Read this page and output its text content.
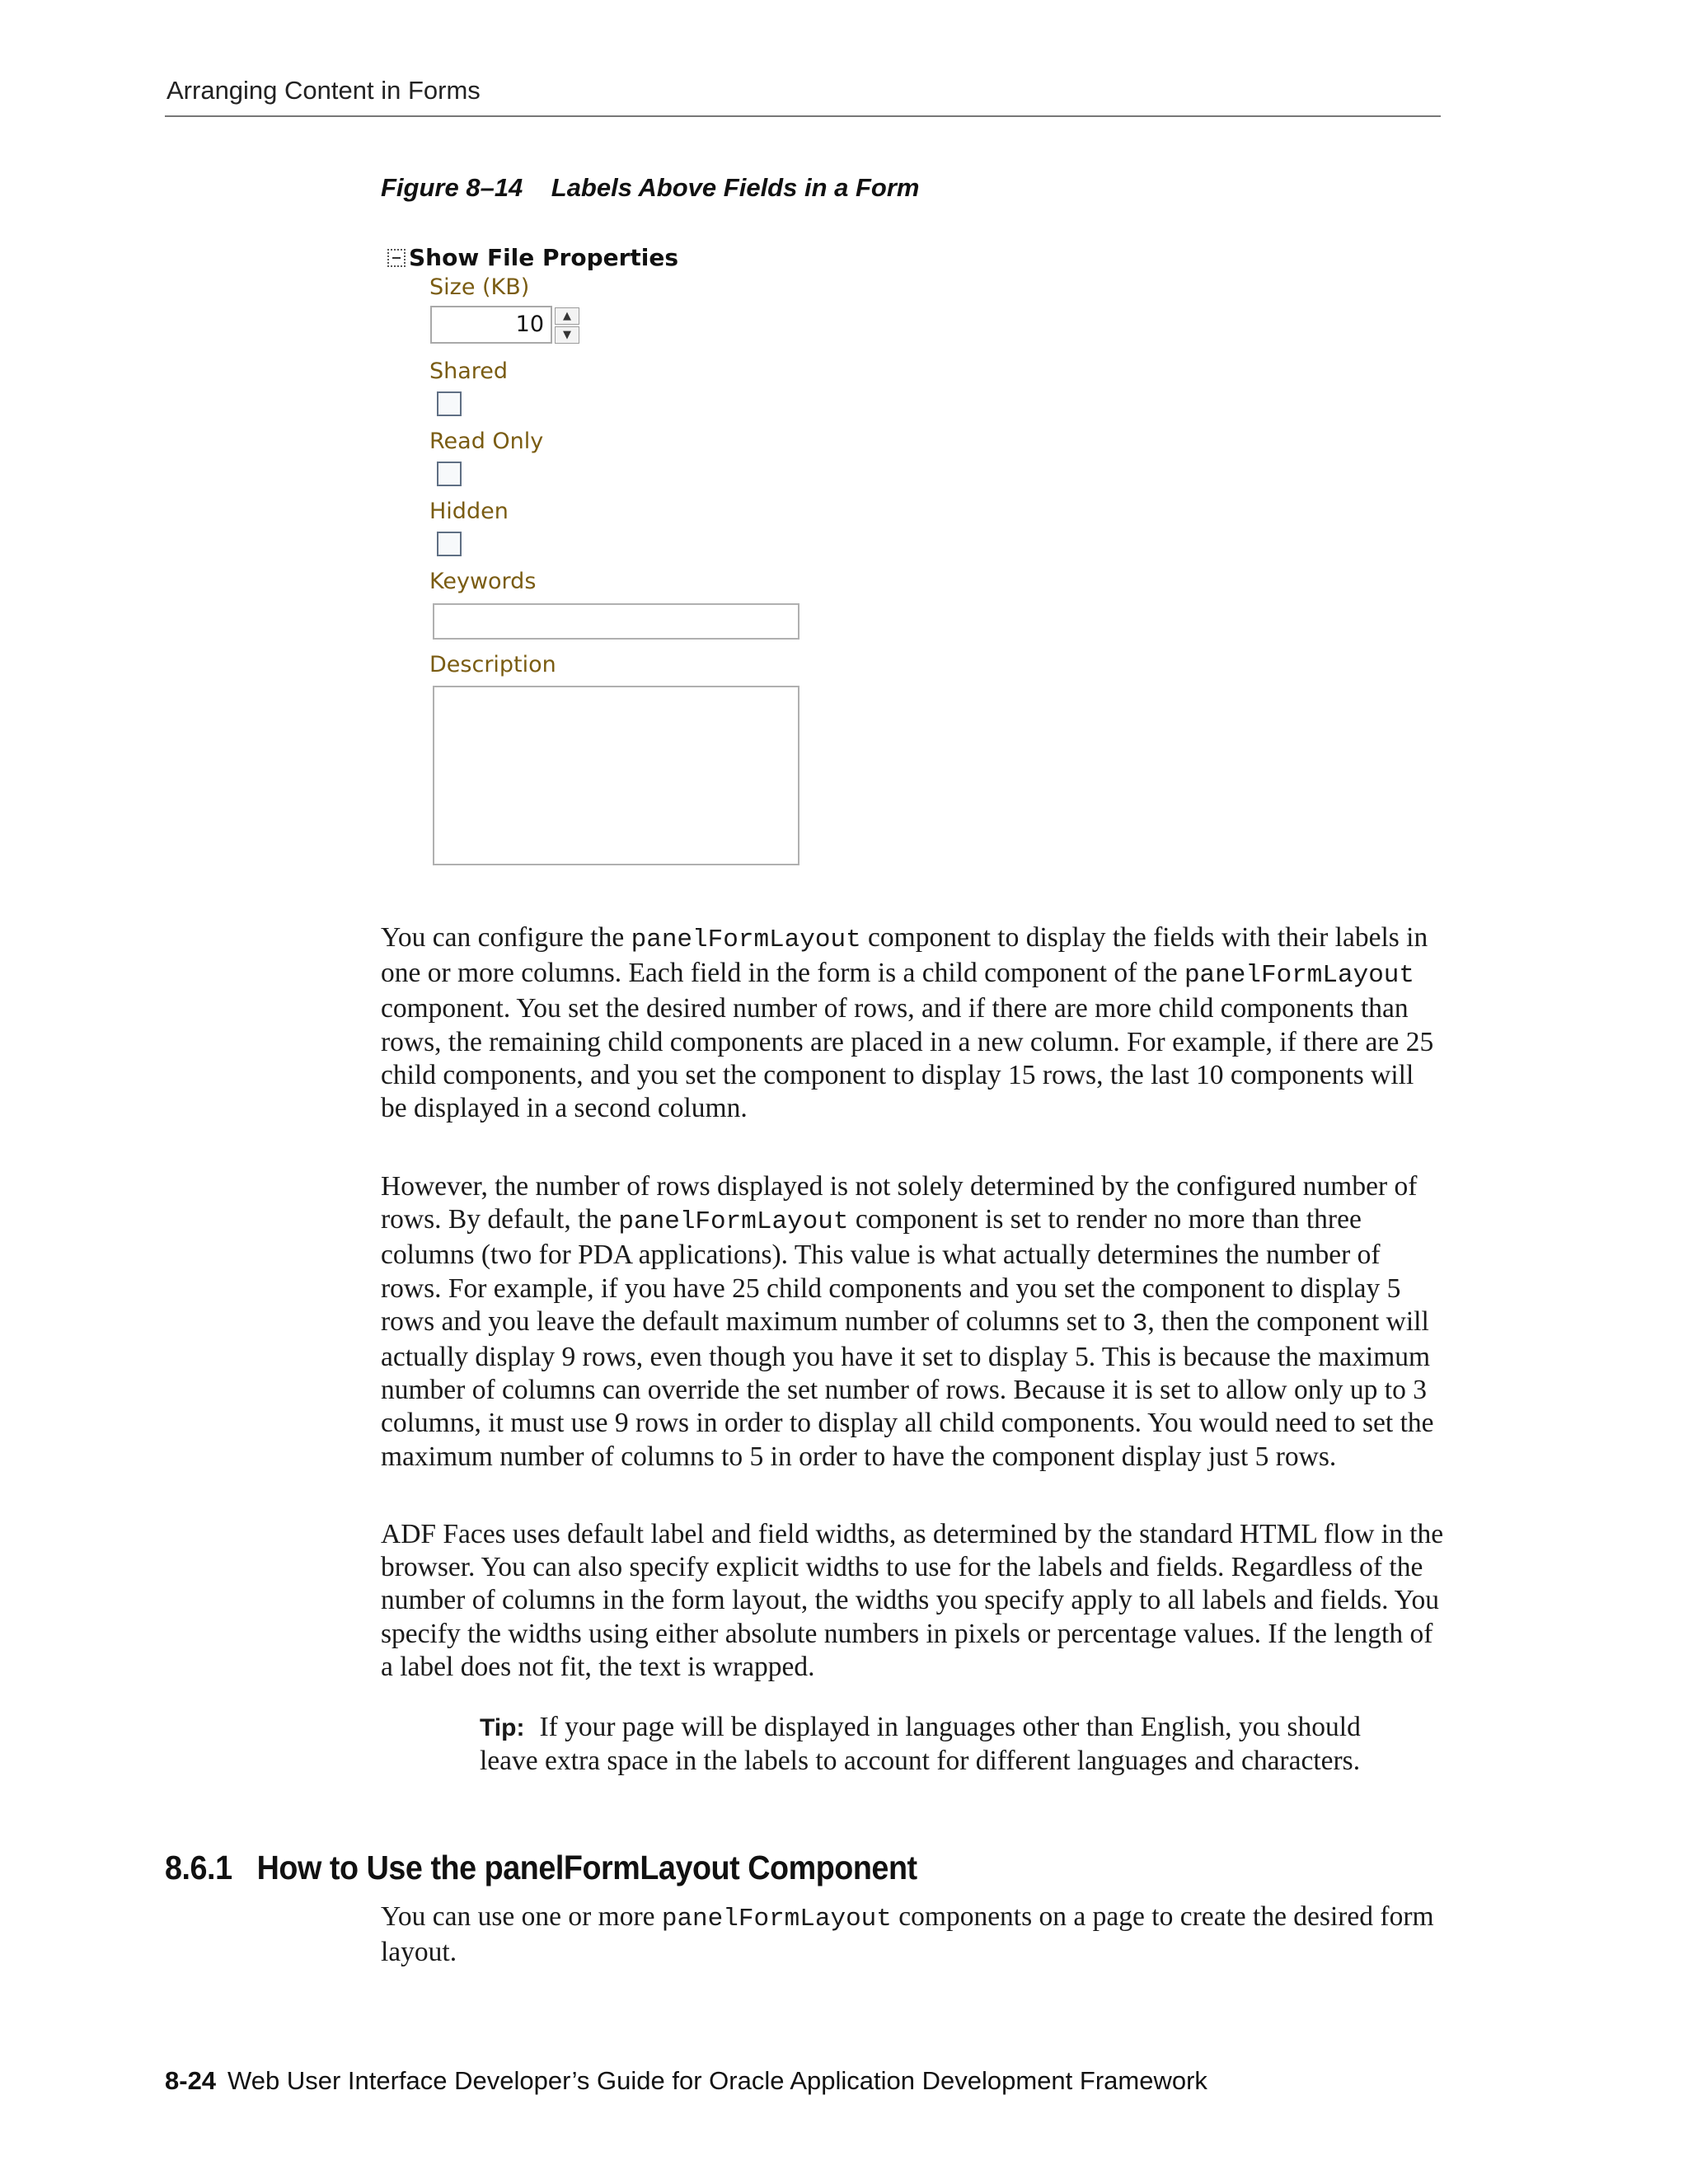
Arranging Content in Forms
Figure 8–14    Labels Above Fields in a Form
Show File Properties
Size (KB)
10	▲
▼
Shared
Read Only
Hidden
Keywords
Description

You can configure the panelFormLayout component to display the fields with their labels in one or more columns. Each field in the form is a child component of the panelFormLayout component. You set the desired number of rows, and if there are more child components than rows, the remaining child components are placed in a new column. For example, if there are 25 child components, and you set the component to display 15 rows, the last 10 components will be displayed in a second column.

However, the number of rows displayed is not solely determined by the configured number of rows. By default, the panelFormLayout component is set to render no more than three columns (two for PDA applications). This value is what actually determines the number of rows. For example, if you have 25 child components and you set the component to display 5 rows and you leave the default maximum number of columns set to 3, then the component will actually display 9 rows, even though you have it set to display 5. This is because the maximum number of columns can override the set number of rows. Because it is set to allow only up to 3 columns, it must use 9 rows in order to display all child components. You would need to set the maximum number of columns to 5 in order to have the component display just 5 rows.

ADF Faces uses default label and field widths, as determined by the standard HTML flow in the browser. You can also specify explicit widths to use for the labels and fields. Regardless of the number of columns in the form layout, the widths you specify apply to all labels and fields. You specify the widths using either absolute numbers in pixels or percentage values. If the length of a label does not fit, the text is wrapped.

Tip: If your page will be displayed in languages other than English, you should leave extra space in the labels to account for different languages and characters.

8.6.1   How to Use the panelFormLayout Component

You can use one or more panelFormLayout components on a page to create the desired form layout.

8-24 Web User Interface Developer’s Guide for Oracle Application Development Framework
